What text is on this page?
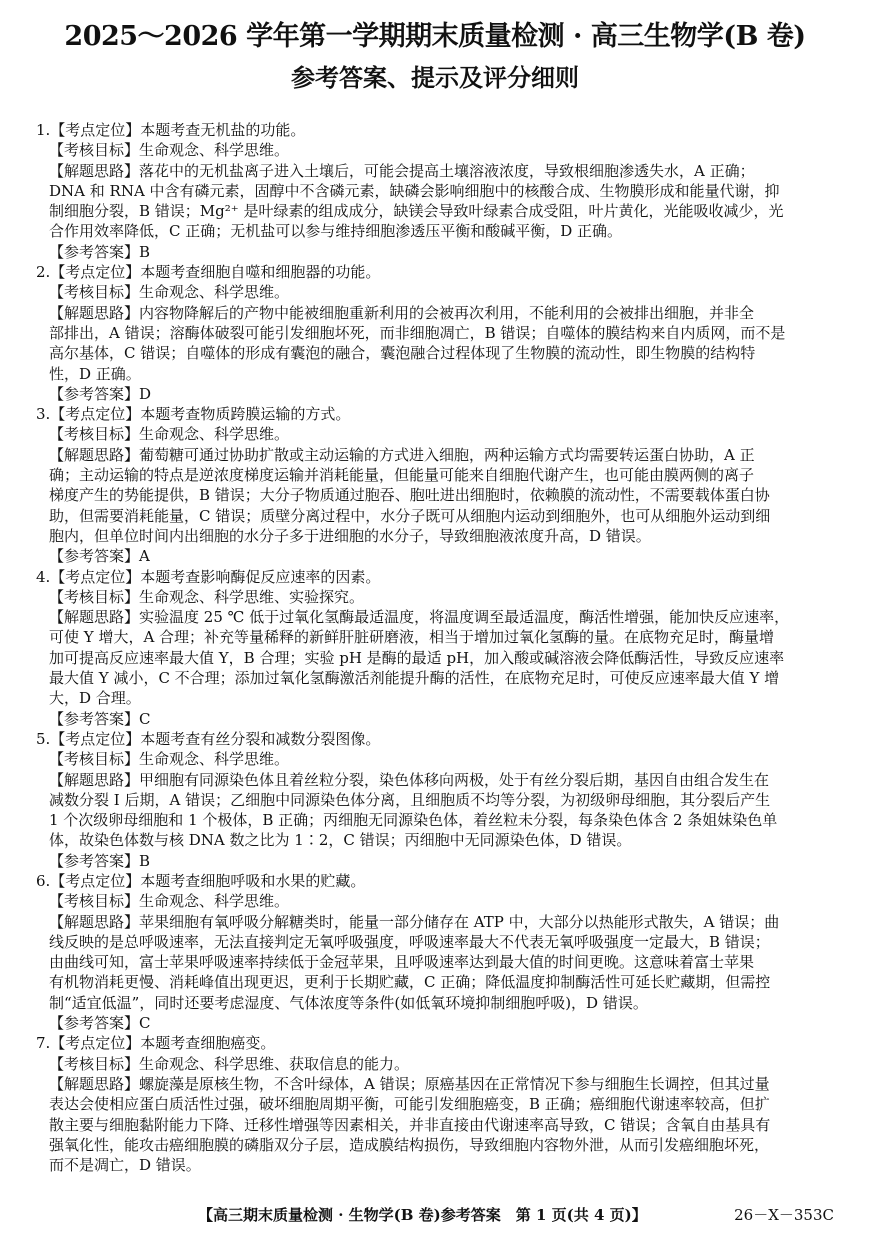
2025～2026 学年第一学期期末质量检测 · 高三生物学(B 卷)
参考答案、提示及评分细则
1.【考点定位】本题考查无机盐的功能。
【考核目标】生命观念、科学思维。
【解题思路】落花中的无机盐离子进入土壤后，可能会提高土壤溶液浓度，导致根细胞渗透失水，A 正确；
DNA 和 RNA 中含有磷元素，固醇中不含磷元素，缺磷会影响细胞中的核酸合成、生物膜形成和能量代谢，抑
制细胞分裂，B 错误；Mg²⁺ 是叶绿素的组成成分，缺镁会导致叶绿素合成受阻，叶片黄化，光能吸收减少，光
合作用效率降低，C 正确；无机盐可以参与维持细胞渗透压平衡和酸碱平衡，D 正确。
【参考答案】B
2.【考点定位】本题考查细胞自噬和细胞器的功能。
【考核目标】生命观念、科学思维。
【解题思路】内容物降解后的产物中能被细胞重新利用的会被再次利用，不能利用的会被排出细胞，并非全
部排出，A 错误；溶酶体破裂可能引发细胞坏死，而非细胞凋亡，B 错误；自噬体的膜结构来自内质网，而不是
高尔基体，C 错误；自噬体的形成有囊泡的融合，囊泡融合过程体现了生物膜的流动性，即生物膜的结构特
性，D 正确。
【参考答案】D
3.【考点定位】本题考查物质跨膜运输的方式。
【考核目标】生命观念、科学思维。
【解题思路】葡萄糖可通过协助扩散或主动运输的方式进入细胞，两种运输方式均需要转运蛋白协助，A 正
确；主动运输的特点是逆浓度梯度运输并消耗能量，但能量可能来自细胞代谢产生，也可能由膜两侧的离子
梯度产生的势能提供，B 错误；大分子物质通过胞吞、胞吐进出细胞时，依赖膜的流动性，不需要载体蛋白协
助，但需要消耗能量，C 错误；质壁分离过程中，水分子既可从细胞内运动到细胞外，也可从细胞外运动到细
胞内，但单位时间内出细胞的水分子多于进细胞的水分子，导致细胞液浓度升高，D 错误。
【参考答案】A
4.【考点定位】本题考查影响酶促反应速率的因素。
【考核目标】生命观念、科学思维、实验探究。
【解题思路】实验温度 25 ℃ 低于过氧化氢酶最适温度，将温度调至最适温度，酶活性增强，能加快反应速率，
可使 Y 增大，A 合理；补充等量稀释的新鲜肝脏研磨液，相当于增加过氧化氢酶的量。在底物充足时，酶量增
加可提高反应速率最大值 Y，B 合理；实验 pH 是酶的最适 pH，加入酸或碱溶液会降低酶活性，导致反应速率
最大值 Y 减小，C 不合理；添加过氧化氢酶激活剂能提升酶的活性，在底物充足时，可使反应速率最大值 Y 增
大，D 合理。
【参考答案】C
5.【考点定位】本题考查有丝分裂和减数分裂图像。
【考核目标】生命观念、科学思维。
【解题思路】甲细胞有同源染色体且着丝粒分裂，染色体移向两极，处于有丝分裂后期，基因自由组合发生在
减数分裂 Ⅰ 后期，A 错误；乙细胞中同源染色体分离，且细胞质不均等分裂，为初级卵母细胞，其分裂后产生
1 个次级卵母细胞和 1 个极体，B 正确；丙细胞无同源染色体，着丝粒未分裂，每条染色体含 2 条姐妹染色单
体，故染色体数与核 DNA 数之比为 1∶2，C 错误；丙细胞中无同源染色体，D 错误。
【参考答案】B
6.【考点定位】本题考查细胞呼吸和水果的贮藏。
【考核目标】生命观念、科学思维。
【解题思路】苹果细胞有氧呼吸分解糖类时，能量一部分储存在 ATP 中，大部分以热能形式散失，A 错误；曲
线反映的是总呼吸速率，无法直接判定无氧呼吸强度，呼吸速率最大不代表无氧呼吸强度一定最大，B 错误；
由曲线可知，富士苹果呼吸速率持续低于金冠苹果，且呼吸速率达到最大值的时间更晚。这意味着富士苹果
有机物消耗更慢、消耗峰值出现更迟，更利于长期贮藏，C 正确；降低温度抑制酶活性可延长贮藏期，但需控
制“适宜低温”，同时还要考虑湿度、气体浓度等条件(如低氧环境抑制细胞呼吸)，D 错误。
【参考答案】C
7.【考点定位】本题考查细胞癌变。
【考核目标】生命观念、科学思维、获取信息的能力。
【解题思路】螺旋藻是原核生物，不含叶绿体，A 错误；原癌基因在正常情况下参与细胞生长调控，但其过量
表达会使相应蛋白质活性过强，破坏细胞周期平衡，可能引发细胞癌变，B 正确；癌细胞代谢速率较高，但扩
散主要与细胞黏附能力下降、迁移性增强等因素相关，并非直接由代谢速率高导致，C 错误；含氧自由基具有
强氧化性，能攻击癌细胞膜的磷脂双分子层，造成膜结构损伤，导致细胞内容物外泄，从而引发癌细胞坏死，
而不是凋亡，D 错误。
【高三期末质量检测 · 生物学(B 卷)参考答案　第 1 页(共 4 页)】	26－X－353C
